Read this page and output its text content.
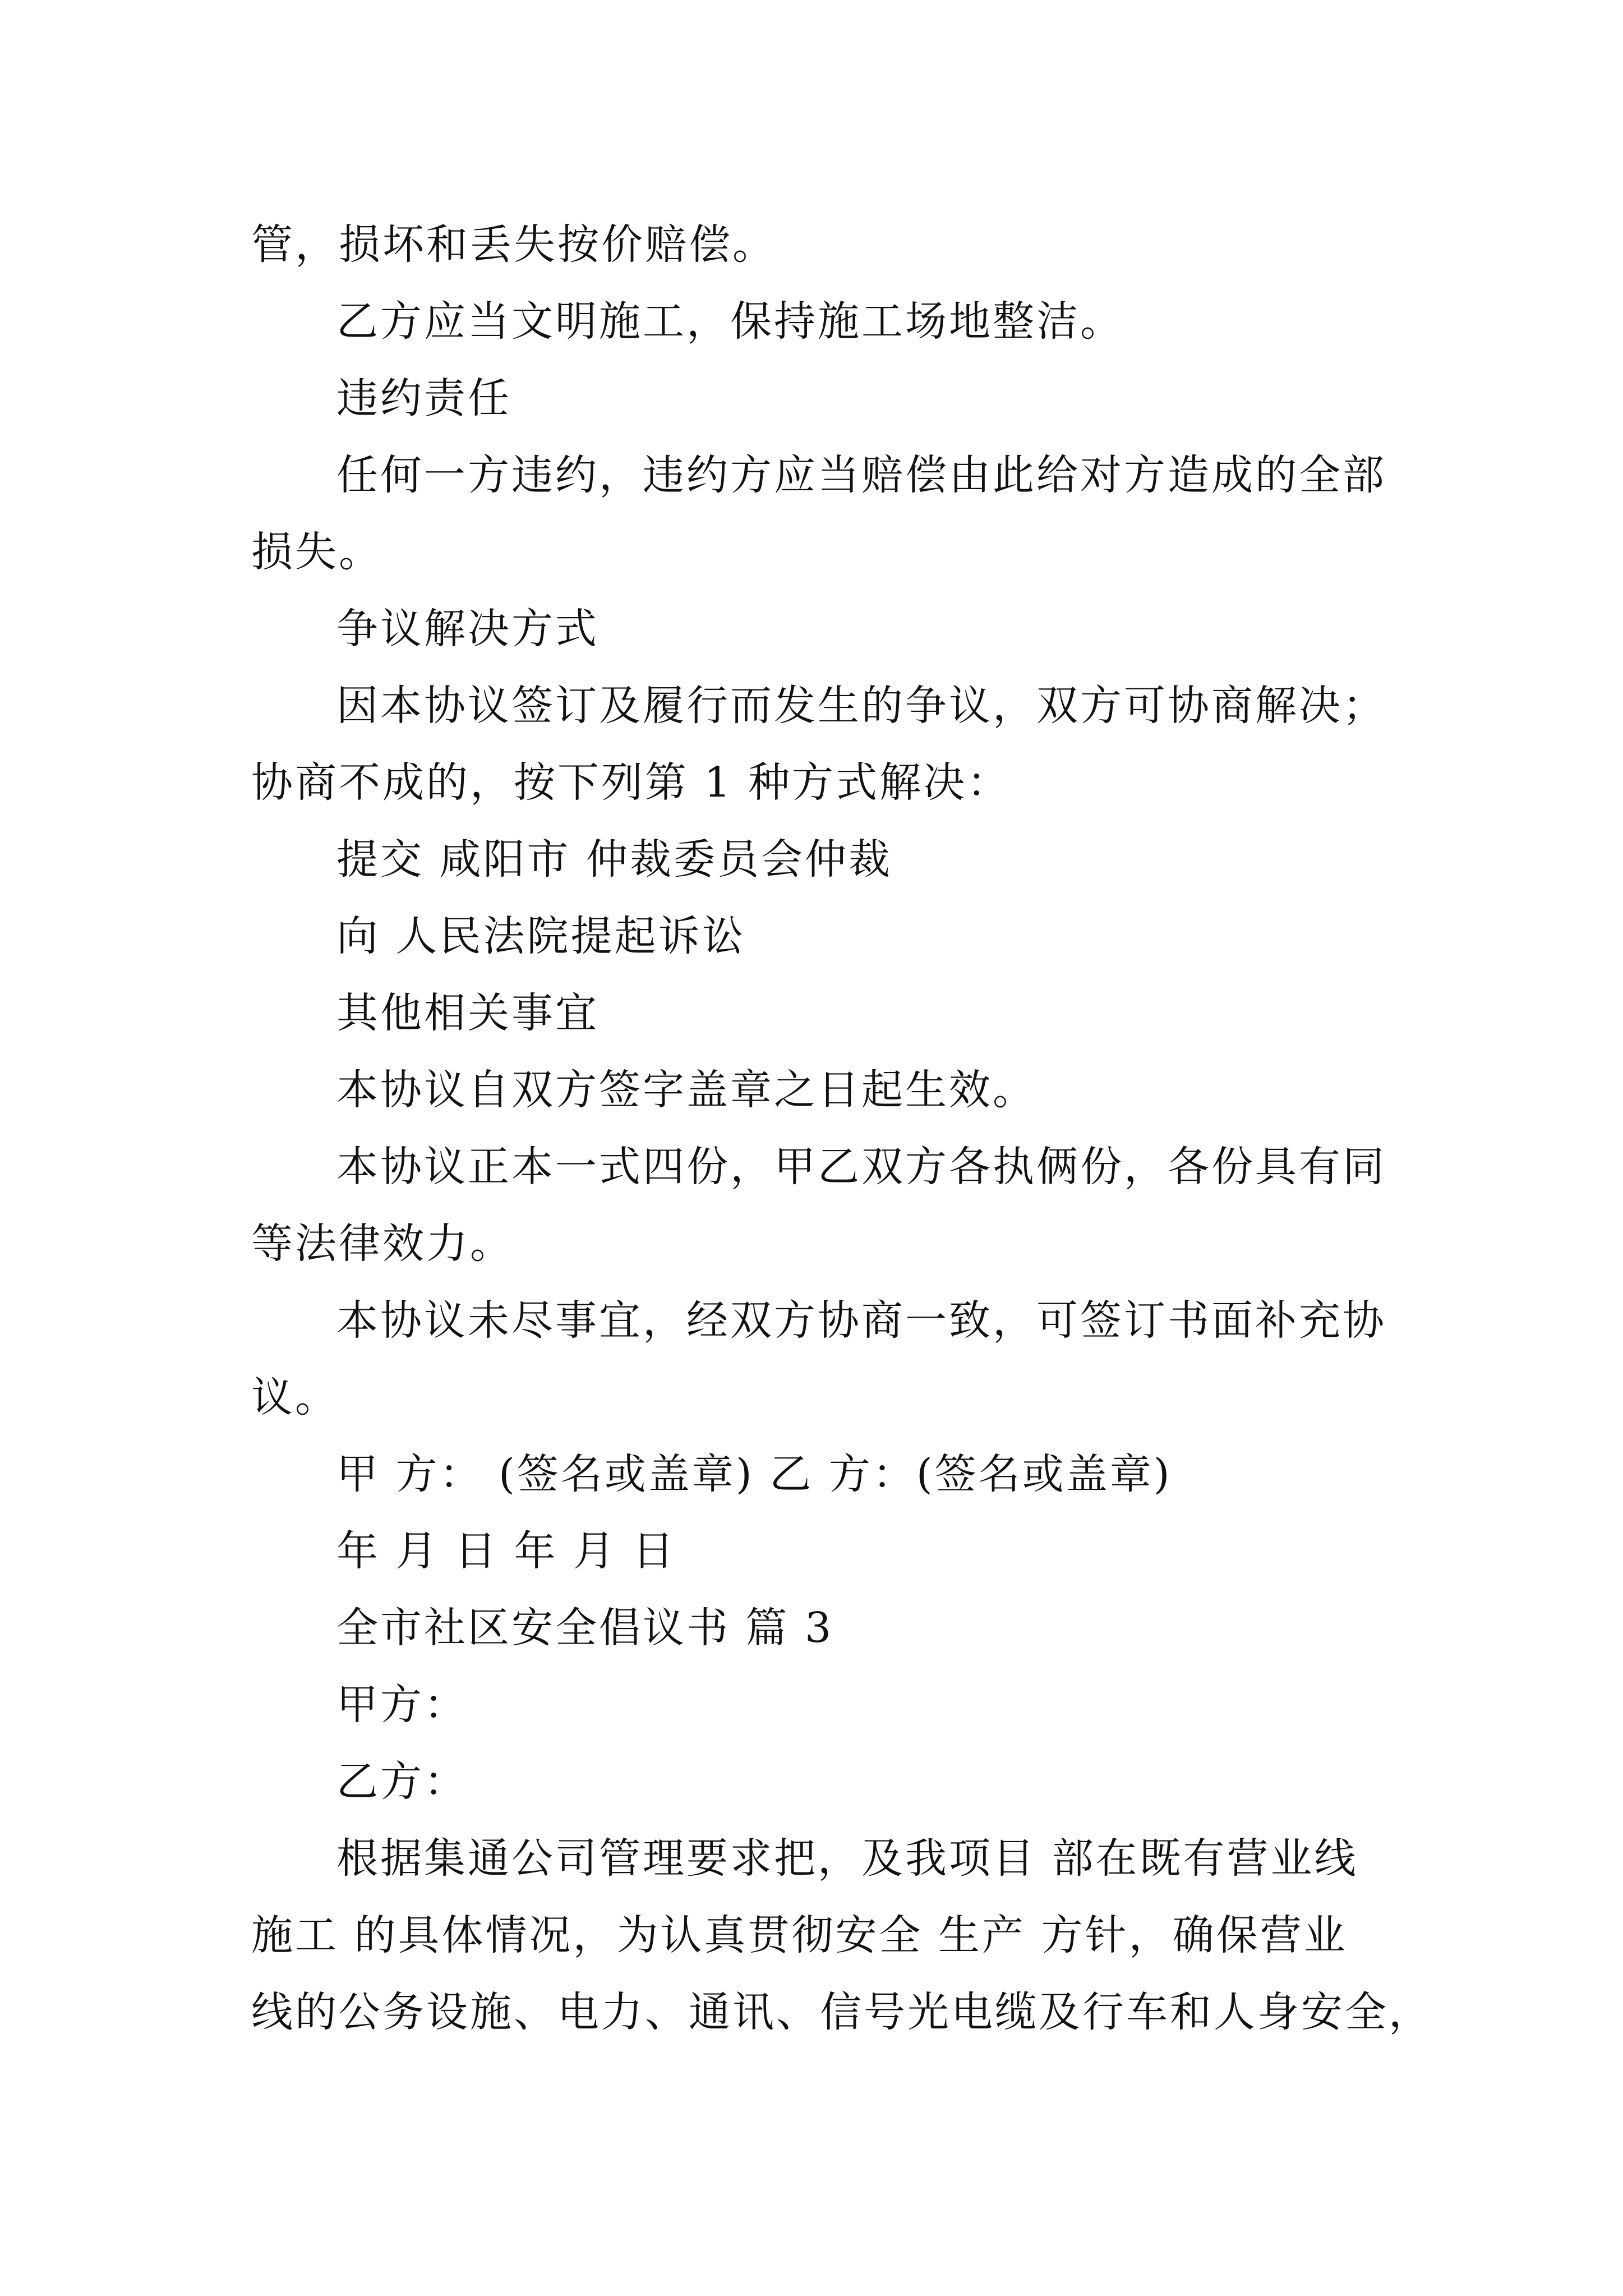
管，损坏和丢失按价赔偿。
乙方应当文明施工，保持施工场地整洁。
违约责任
任何一方违约，违约方应当赔偿由此给对方造成的全部
损失。
争议解决方式
因本协议签订及履行而发生的争议，双方可协商解决；
协商不成的，按下列第 1 种方式解决：
提交 咸阳市 仲裁委员会仲裁
向 人民法院提起诉讼
其他相关事宜
本协议自双方签字盖章之日起生效。
本协议正本一式四份，甲乙双方各执俩份，各份具有同
等法律效力。
本协议未尽事宜，经双方协商一致，可签订书面补充协
议。
甲 方： (签名或盖章) 乙 方：(签名或盖章)
年 月 日 年 月 日
全市社区安全倡议书 篇 3
甲方：
乙方：
根据集通公司管理要求把，及我项目 部在既有营业线
施工 的具体情况，为认真贯彻安全 生产 方针，确保营业
线的公务设施、电力、通讯、信号光电缆及行车和人身安全，
